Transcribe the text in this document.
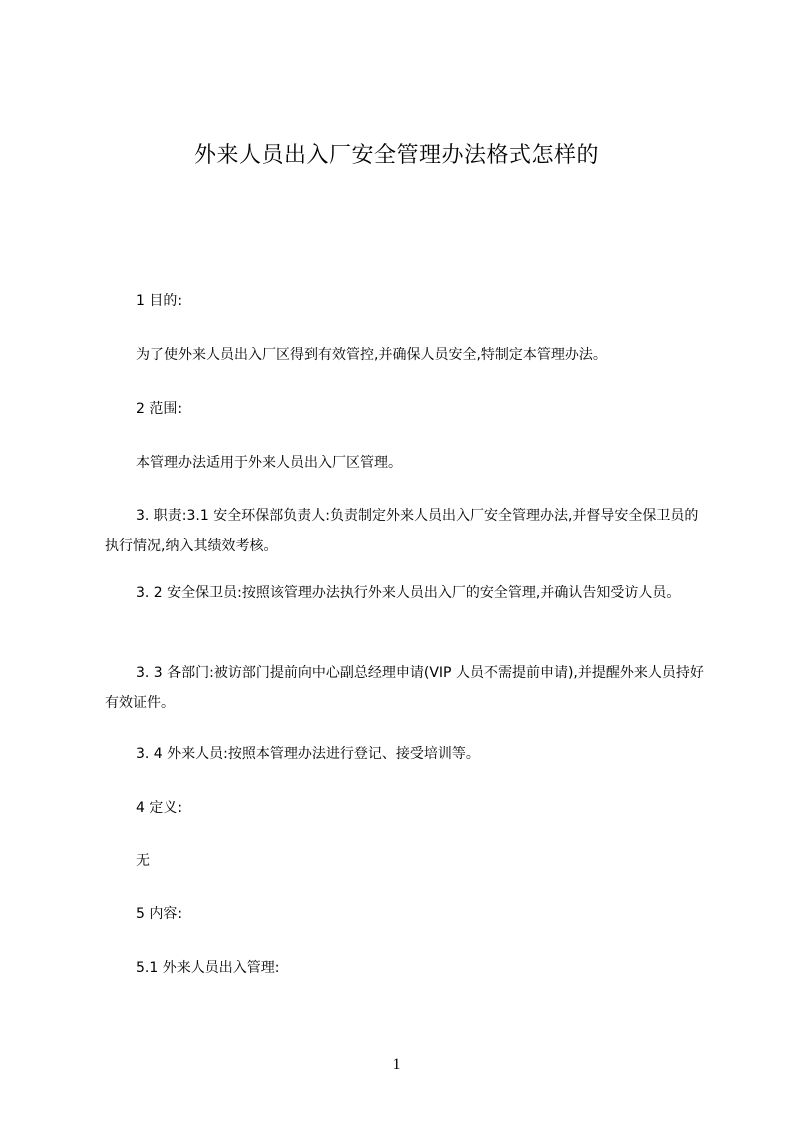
外来人员出入厂安全管理办法格式怎样的

1 目的:

为了使外来人员出入厂区得到有效管控,并确保人员安全,特制定本管理办法。

2 范围:

本管理办法适用于外来人员出入厂区管理。

3. 职责:3.1 安全环保部负责人:负责制定外来人员出入厂安全管理办法,并督导安全保卫员的执行情况,纳入其绩效考核。

3. 2 安全保卫员:按照该管理办法执行外来人员出入厂的安全管理,并确认告知受访人员。

3. 3 各部门:被访部门提前向中心副总经理申请(VIP 人员不需提前申请),并提醒外来人员持好有效证件。

3. 4 外来人员:按照本管理办法进行登记、接受培训等。

4 定义:

无

5 内容:

5.1 外来人员出入管理:

1
